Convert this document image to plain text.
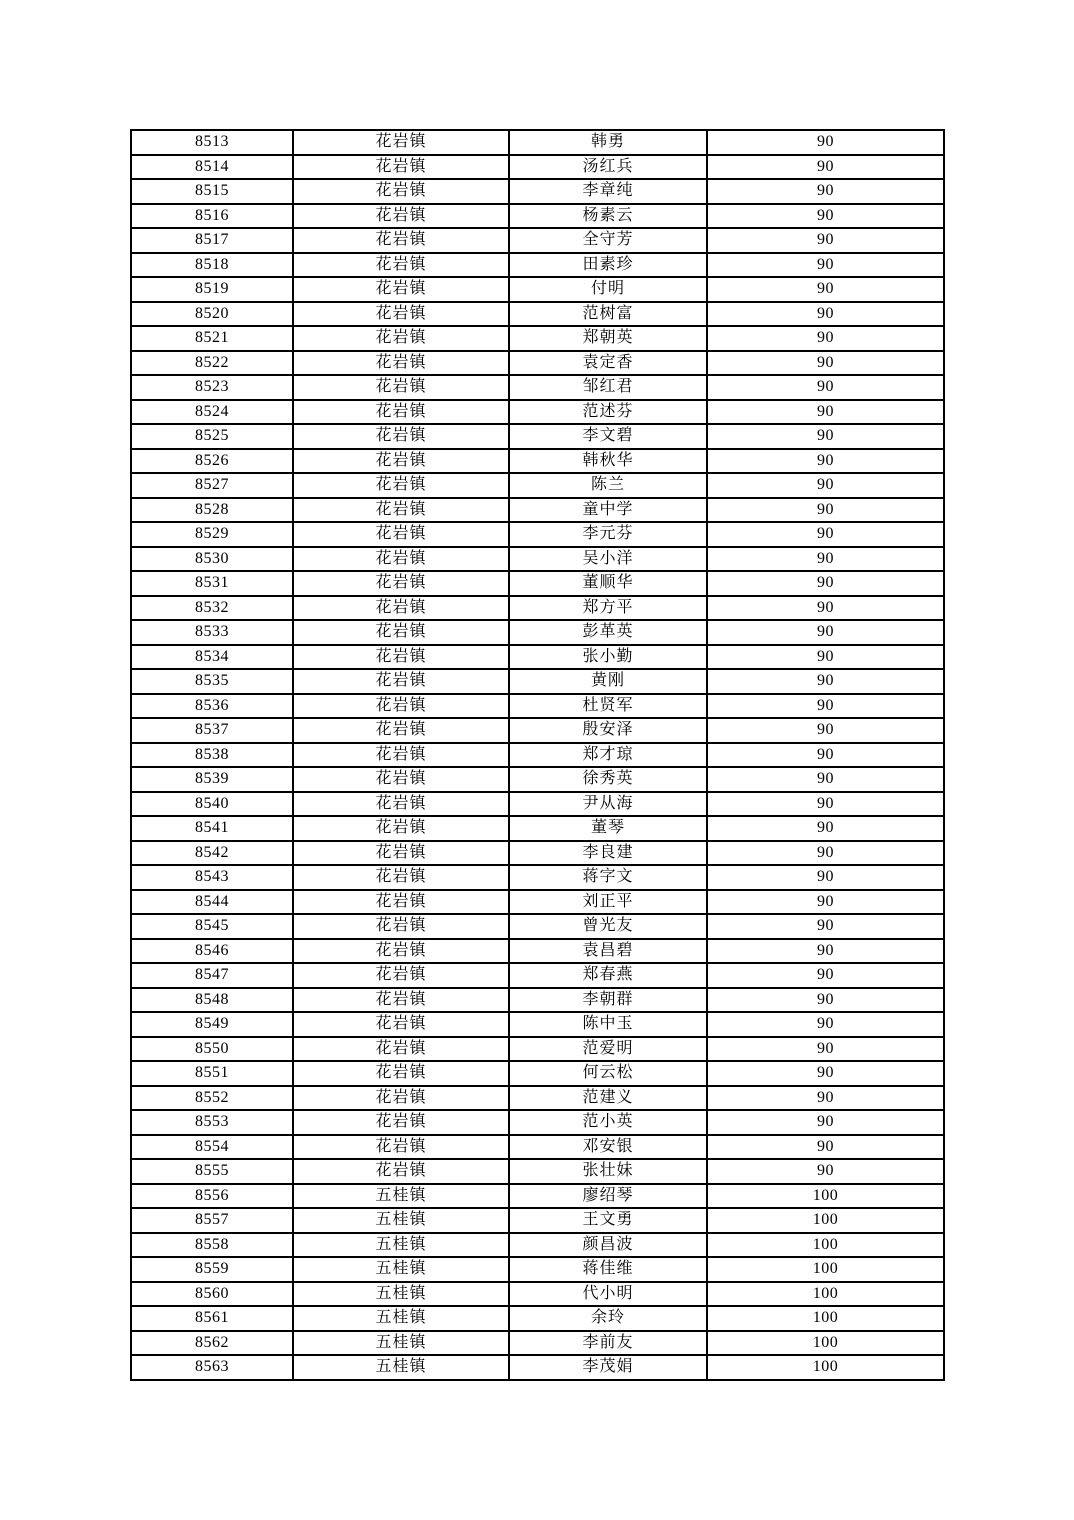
8513	花岩镇	韩勇	90
8514	花岩镇	汤红兵	90
8515	花岩镇	李章纯	90
8516	花岩镇	杨素云	90
8517	花岩镇	全守芳	90
8518	花岩镇	田素珍	90
8519	花岩镇	付明	90
8520	花岩镇	范树富	90
8521	花岩镇	郑朝英	90
8522	花岩镇	袁定香	90
8523	花岩镇	邹红君	90
8524	花岩镇	范述芬	90
8525	花岩镇	李文碧	90
8526	花岩镇	韩秋华	90
8527	花岩镇	陈兰	90
8528	花岩镇	童中学	90
8529	花岩镇	李元芬	90
8530	花岩镇	吴小洋	90
8531	花岩镇	董顺华	90
8532	花岩镇	郑方平	90
8533	花岩镇	彭革英	90
8534	花岩镇	张小勤	90
8535	花岩镇	黄刚	90
8536	花岩镇	杜贤军	90
8537	花岩镇	殷安泽	90
8538	花岩镇	郑才琼	90
8539	花岩镇	徐秀英	90
8540	花岩镇	尹从海	90
8541	花岩镇	董琴	90
8542	花岩镇	李良建	90
8543	花岩镇	蒋字文	90
8544	花岩镇	刘正平	90
8545	花岩镇	曾光友	90
8546	花岩镇	袁昌碧	90
8547	花岩镇	郑春燕	90
8548	花岩镇	李朝群	90
8549	花岩镇	陈中玉	90
8550	花岩镇	范爱明	90
8551	花岩镇	何云松	90
8552	花岩镇	范建义	90
8553	花岩镇	范小英	90
8554	花岩镇	邓安银	90
8555	花岩镇	张壮妹	90
8556	五桂镇	廖绍琴	100
8557	五桂镇	王文勇	100
8558	五桂镇	颜昌波	100
8559	五桂镇	蒋佳维	100
8560	五桂镇	代小明	100
8561	五桂镇	余玲	100
8562	五桂镇	李前友	100
8563	五桂镇	李茂娟	100
